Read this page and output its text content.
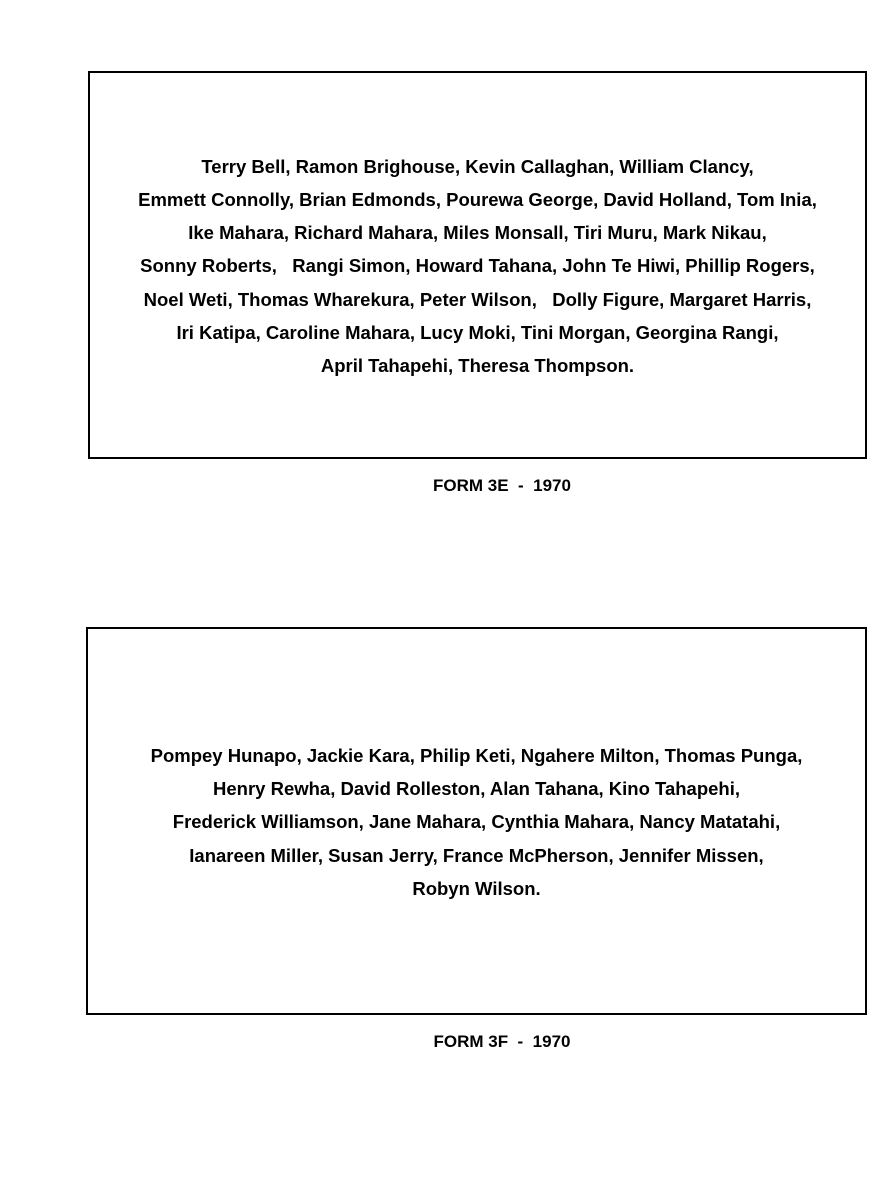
Terry Bell, Ramon Brighouse, Kevin Callaghan, William Clancy,
Emmett Connolly, Brian Edmonds, Pourewa George, David Holland, Tom Inia,
Ike Mahara, Richard Mahara, Miles Monsall, Tiri Muru, Mark Nikau,
Sonny Roberts,   Rangi Simon, Howard Tahana, John Te Hiwi, Phillip Rogers,
Noel Weti, Thomas Wharekura, Peter Wilson,   Dolly Figure, Margaret Harris,
Iri Katipa, Caroline Mahara, Lucy Moki, Tini Morgan, Georgina Rangi,
April Tahapehi, Theresa Thompson.
FORM 3E  -  1970
Pompey Hunapo, Jackie Kara, Philip Keti, Ngahere Milton, Thomas Punga,
Henry Rewha, David Rolleston, Alan Tahana, Kino Tahapehi,
Frederick Williamson, Jane Mahara, Cynthia Mahara, Nancy Matatahi,
Ianareen Miller, Susan Jerry, France McPherson, Jennifer Missen,
Robyn Wilson.
FORM 3F  -  1970
